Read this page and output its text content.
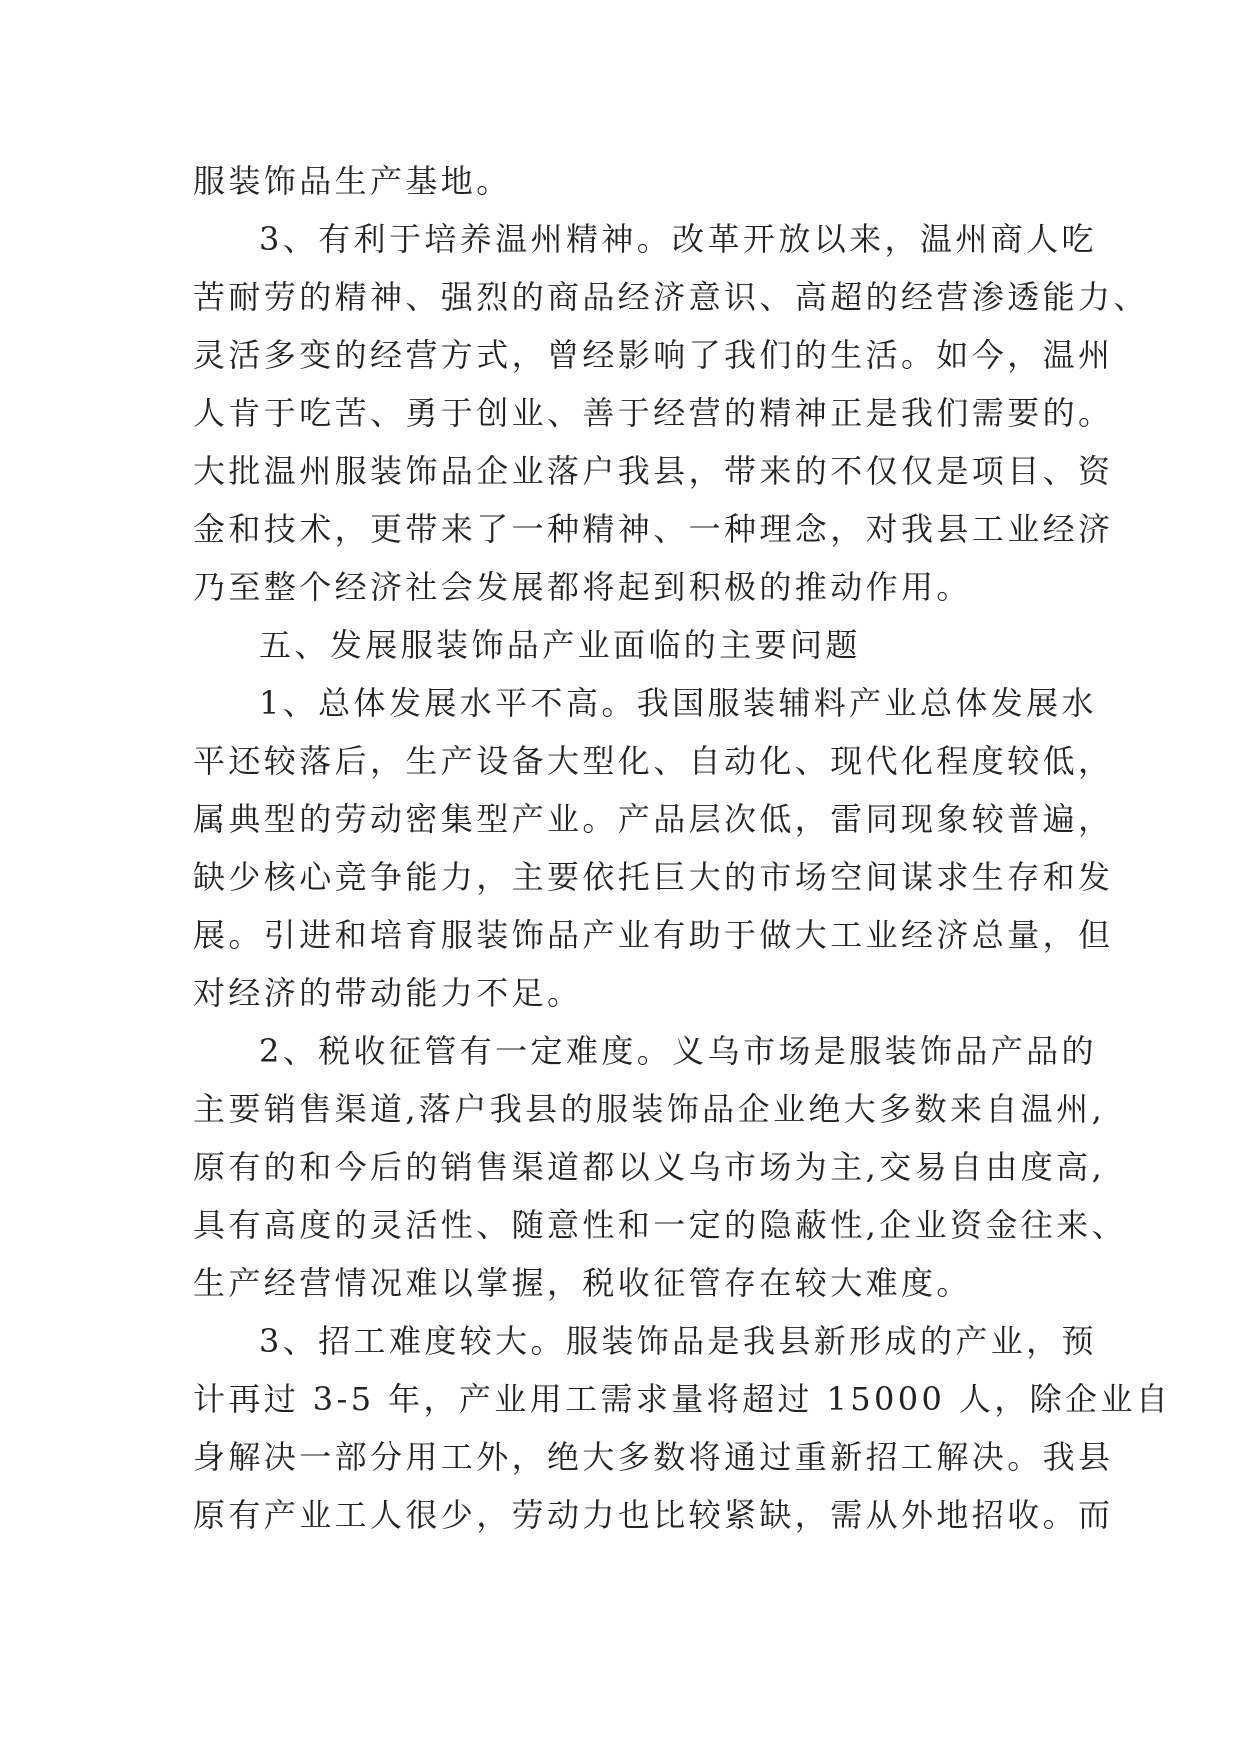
服装饰品生产基地。
3、有利于培养温州精神。改革开放以来，温州商人吃
苦耐劳的精神、强烈的商品经济意识、高超的经营渗透能力、
灵活多变的经营方式，曾经影响了我们的生活。如今，温州
人肯于吃苦、勇于创业、善于经营的精神正是我们需要的。
大批温州服装饰品企业落户我县，带来的不仅仅是项目、资
金和技术，更带来了一种精神、一种理念，对我县工业经济
乃至整个经济社会发展都将起到积极的推动作用。
五、发展服装饰品产业面临的主要问题
1、总体发展水平不高。我国服装辅料产业总体发展水
平还较落后，生产设备大型化、自动化、现代化程度较低，
属典型的劳动密集型产业。产品层次低，雷同现象较普遍，
缺少核心竞争能力，主要依托巨大的市场空间谋求生存和发
展。引进和培育服装饰品产业有助于做大工业经济总量，但
对经济的带动能力不足。
2、税收征管有一定难度。义乌市场是服装饰品产品的
主要销售渠道,落户我县的服装饰品企业绝大多数来自温州,
原有的和今后的销售渠道都以义乌市场为主,交易自由度高,
具有高度的灵活性、随意性和一定的隐蔽性,企业资金往来、
生产经营情况难以掌握，税收征管存在较大难度。
3、招工难度较大。服装饰品是我县新形成的产业，预
计再过 3-5 年，产业用工需求量将超过 15000 人，除企业自
身解决一部分用工外，绝大多数将通过重新招工解决。我县
原有产业工人很少，劳动力也比较紧缺，需从外地招收。而
